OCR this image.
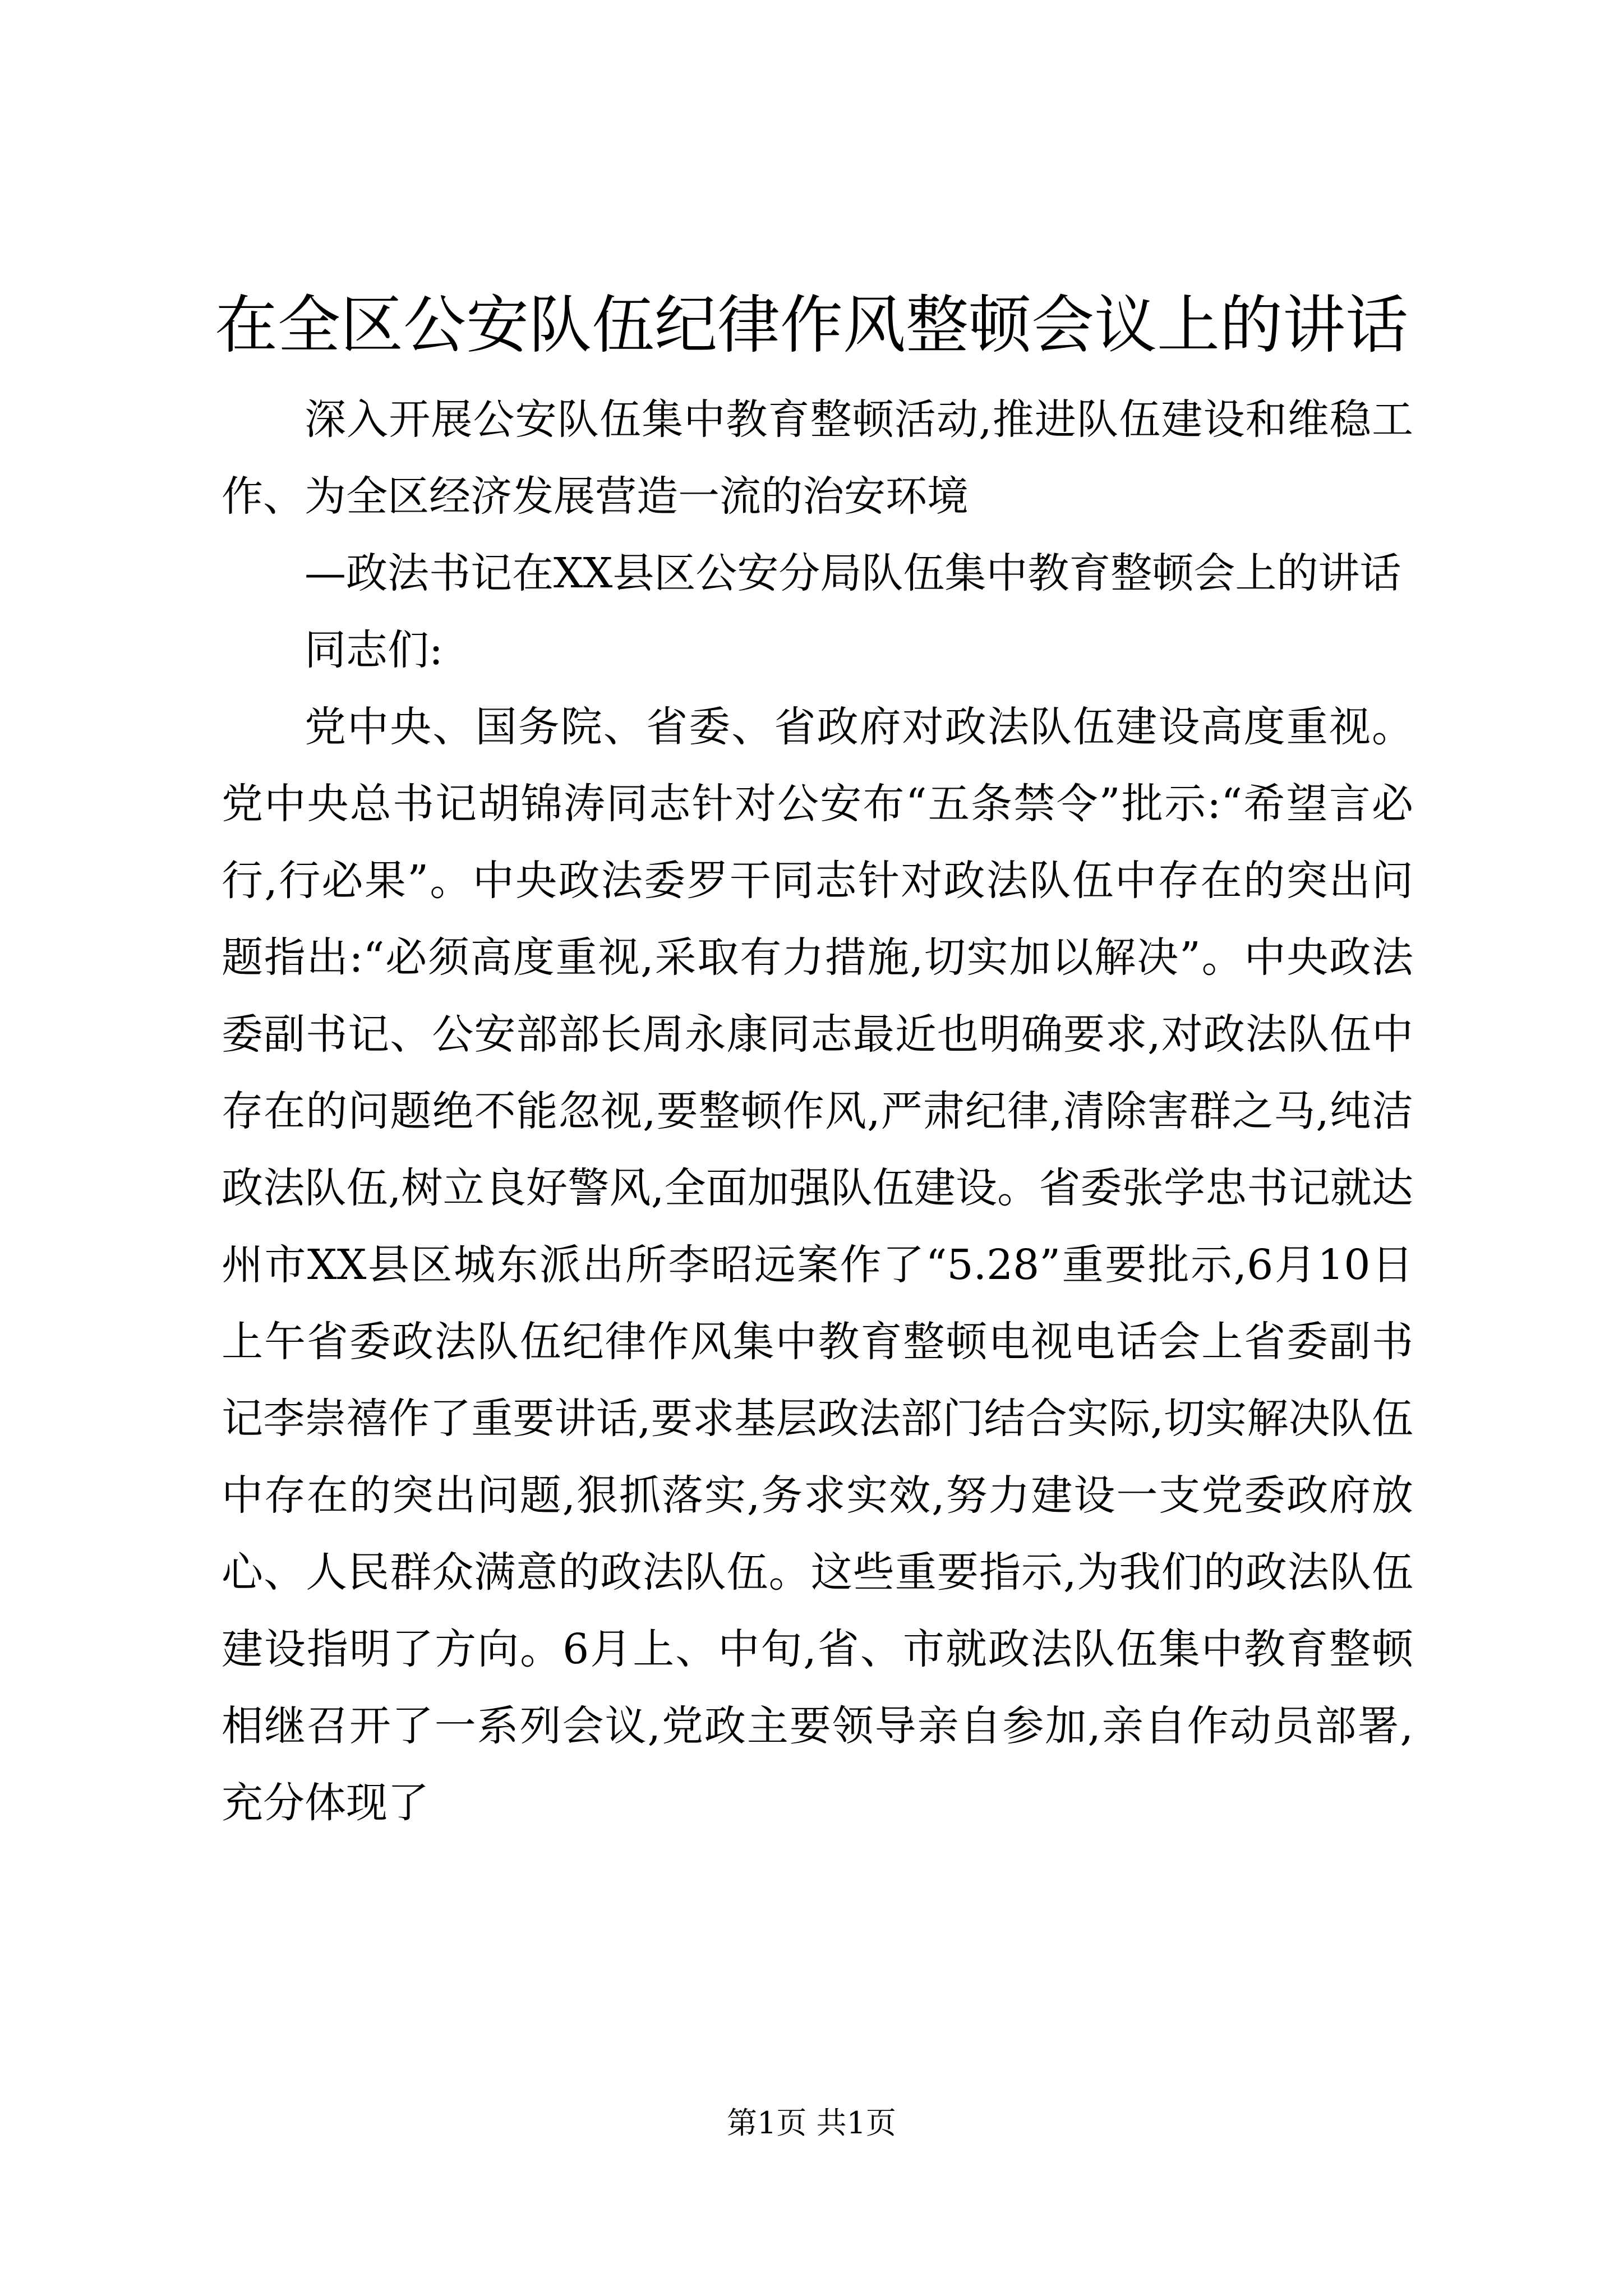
在全区公安队伍纪律作风整顿会议上的讲话

深入开展公安队伍集中教育整顿活动,推进队伍建设和维稳工作、为全区经济发展营造一流的治安环境

—政法书记在XX县区公安分局队伍集中教育整顿会上的讲话

同志们:

党中央、国务院、省委、省政府对政法队伍建设高度重视。党中央总书记胡锦涛同志针对公安布“五条禁令”批示:“希望言必行,行必果”。中央政法委罗干同志针对政法队伍中存在的突出问题指出:“必须高度重视,采取有力措施,切实加以解决”。中央政法委副书记、公安部部长周永康同志最近也明确要求,对政法队伍中存在的问题绝不能忽视,要整顿作风,严肃纪律,清除害群之马,纯洁政法队伍,树立良好警风,全面加强队伍建设。省委张学忠书记就达州市XX县区城东派出所李昭远案作了“5.28”重要批示,6月10日上午省委政法队伍纪律作风集中教育整顿电视电话会上省委副书记李崇禧作了重要讲话,要求基层政法部门结合实际,切实解决队伍中存在的突出问题,狠抓落实,务求实效,努力建设一支党委政府放心、人民群众满意的政法队伍。这些重要指示,为我们的政法队伍建设指明了方向。6月上、中旬,省、市就政法队伍集中教育整顿相继召开了一系列会议,党政主要领导亲自参加,亲自作动员部署,充分体现了

第1页 共1页
